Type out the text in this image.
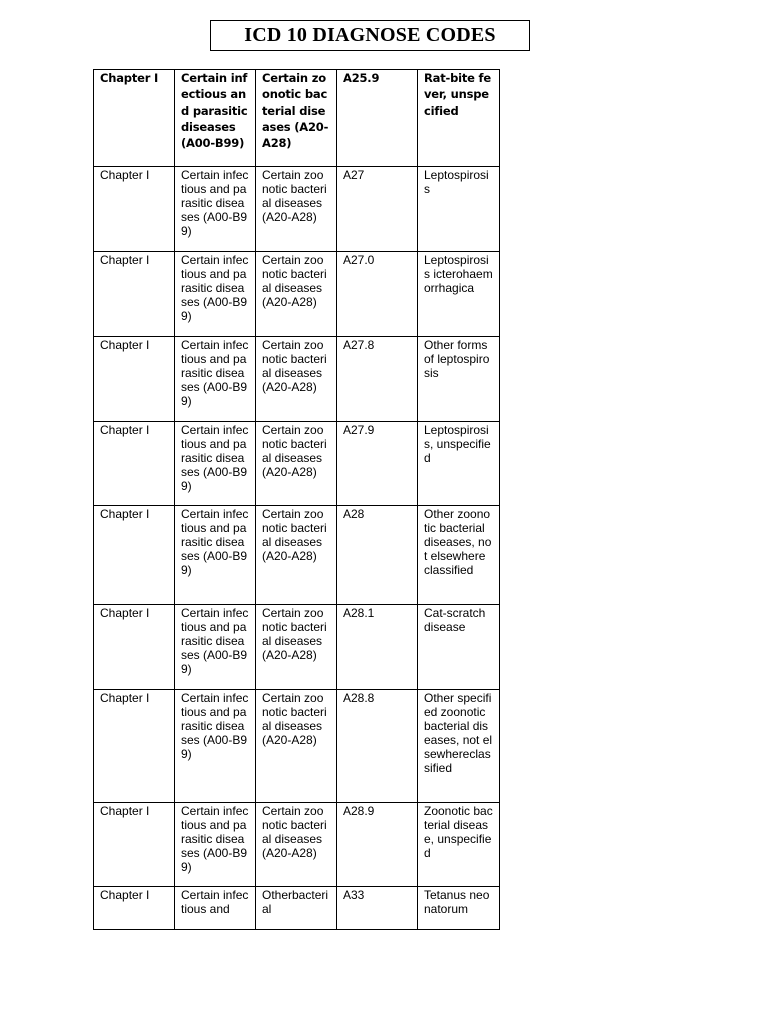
ICD 10 DIAGNOSE CODES
Chapter I	Certain infectious and parasitic diseases (A00-B99)	Certain zoonotic bacterial diseases (A20-A28)	A25.9	Rat-bite fever, unspecified
Chapter I	Certain infectious and parasitic diseases (A00-B99)	Certain zoonotic bacterial diseases (A20-A28)	A27	Leptospirosis
Chapter I	Certain infectious and parasitic diseases (A00-B99)	Certain zoonotic bacterial diseases (A20-A28)	A27.0	Leptospirosis icterohaemorrhagica
Chapter I	Certain infectious and parasitic diseases (A00-B99)	Certain zoonotic bacterial diseases (A20-A28)	A27.8	Other forms of leptospirosis
Chapter I	Certain infectious and parasitic diseases (A00-B99)	Certain zoonotic bacterial diseases (A20-A28)	A27.9	Leptospirosis, unspecified
Chapter I	Certain infectious and parasitic diseases (A00-B99)	Certain zoonotic bacterial diseases (A20-A28)	A28	Other zoonotic bacterial diseases, not elsewhere classified
Chapter I	Certain infectious and parasitic diseases (A00-B99)	Certain zoonotic bacterial diseases (A20-A28)	A28.1	Cat-scratch disease
Chapter I	Certain infectious and parasitic diseases (A00-B99)	Certain zoonotic bacterial diseases (A20-A28)	A28.8	Other specified zoonotic bacterial diseases, not elsewhereclassified
Chapter I	Certain infectious and parasitic diseases (A00-B99)	Certain zoonotic bacterial diseases (A20-A28)	A28.9	Zoonotic bacterial disease, unspecified
Chapter I	Certain infectious and	Otherbacterial	A33	Tetanus neonatorum
